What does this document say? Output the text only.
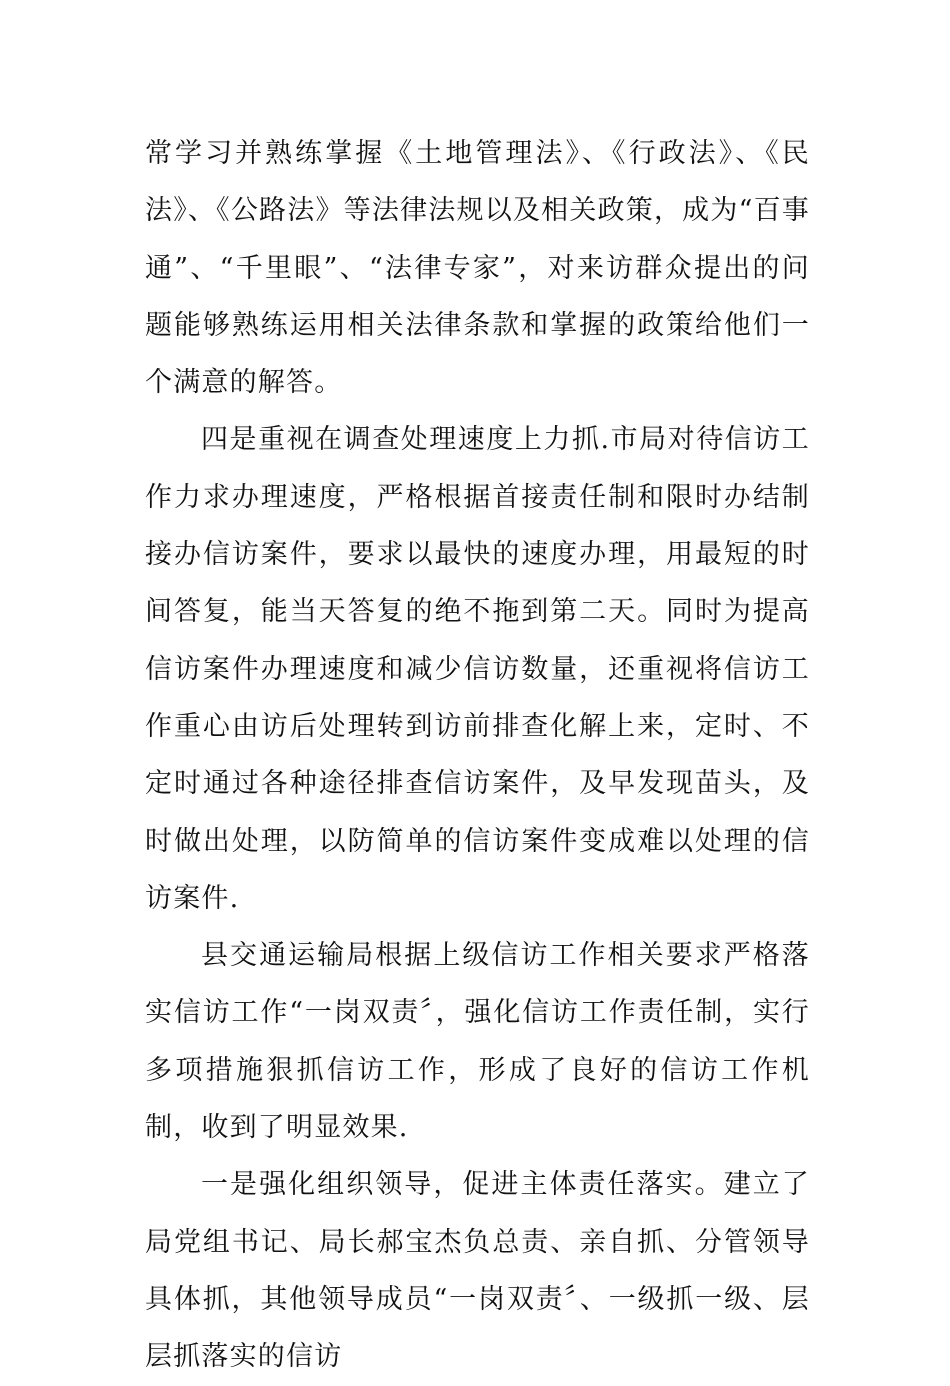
常学习并熟练掌握《土地管理法》、《行政法》、《民法》、《公路法》等法律法规以及相关政策，成为“百事通”、“千里眼”、“法律专家”，对来访群众提出的问题能够熟练运用相关法律条款和掌握的政策给他们一个满意的解答。

四是重视在调查处理速度上力抓.市局对待信访工作力求办理速度，严格根据首接责任制和限时办结制接办信访案件，要求以最快的速度办理，用最短的时间答复，能当天答复的绝不拖到第二天。同时为提高信访案件办理速度和减少信访数量，还重视将信访工作重心由访后处理转到访前排查化解上来，定时、不定时通过各种途径排查信访案件，及早发现苗头，及时做出处理，以防简单的信访案件变成难以处理的信访案件.

县交通运输局根据上级信访工作相关要求严格落实信访工作“一岗双责〞，强化信访工作责任制，实行多项措施狠抓信访工作，形成了良好的信访工作机制，收到了明显效果.

一是强化组织领导，促进主体责任落实。建立了局党组书记、局长郝宝杰负总责、亲自抓、分管领导具体抓，其他领导成员“一岗双责〞、一级抓一级、层层抓落实的信访
